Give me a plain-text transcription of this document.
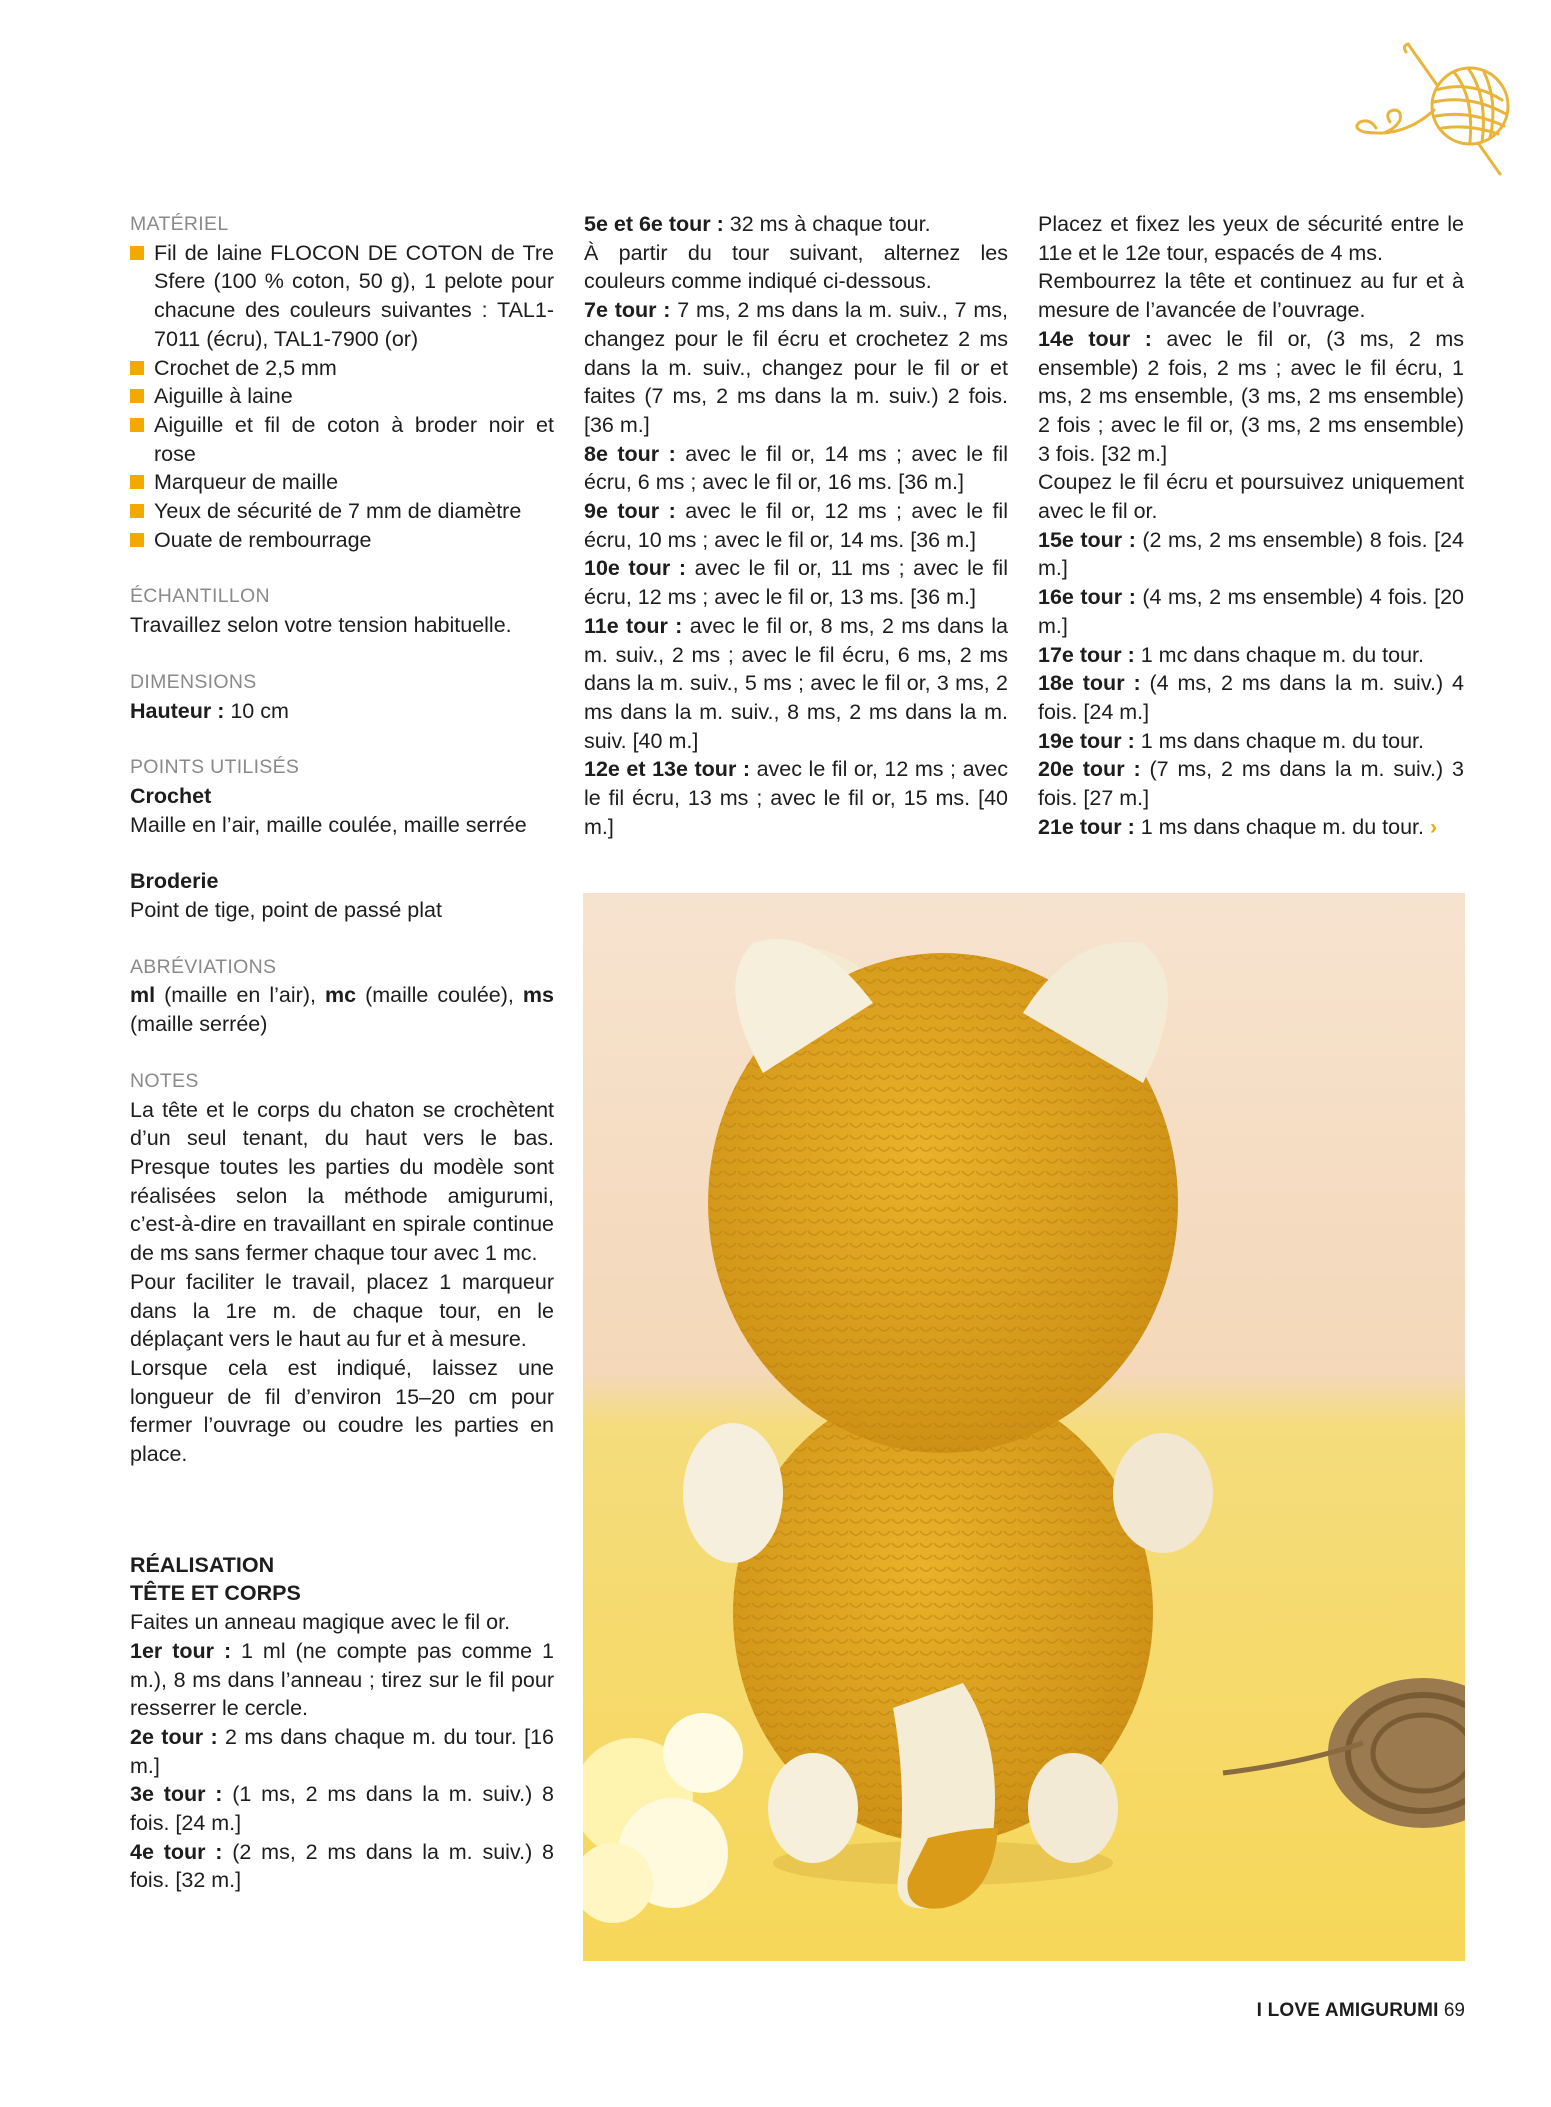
MATÉRIEL
Fil de laine FLOCON DE COTON de Tre Sfere (100 % coton, 50 g), 1 pelote pour chacune des couleurs suivantes : TAL1-7011 (écru), TAL1-7900 (or)
Crochet de 2,5 mm
Aiguille à laine
Aiguille et fil de coton à broder noir et rose
Marqueur de maille
Yeux de sécurité de 7 mm de diamètre
Ouate de rembourrage
ÉCHANTILLON
Travaillez selon votre tension habituelle.
DIMENSIONS
Hauteur : 10 cm
POINTS UTILISÉS
Crochet
Maille en l’air, maille coulée, maille serrée
Broderie
Point de tige, point de passé plat
ABRÉVIATIONS
ml (maille en l’air), mc (maille coulée), ms (maille serrée)
NOTES
La tête et le corps du chaton se crochètent d’un seul tenant, du haut vers le bas. Presque toutes les parties du modèle sont réalisées selon la méthode amigurumi, c’est-à-dire en travaillant en spirale continue de ms sans fermer chaque tour avec 1 mc.
Pour faciliter le travail, placez 1 marqueur dans la 1re m. de chaque tour, en le déplaçant vers le haut au fur et à mesure.
Lorsque cela est indiqué, laissez une longueur de fil d’environ 15–20 cm pour fermer l’ouvrage ou coudre les parties en place.
RÉALISATION
TÊTE ET CORPS
Faites un anneau magique avec le fil or.
1er tour : 1 ml (ne compte pas comme 1 m.), 8 ms dans l’anneau ; tirez sur le fil pour resserrer le cercle.
2e tour : 2 ms dans chaque m. du tour. [16 m.]
3e tour : (1 ms, 2 ms dans la m. suiv.) 8 fois. [24 m.]
4e tour : (2 ms, 2 ms dans la m. suiv.) 8 fois. [32 m.]
5e et 6e tour : 32 ms à chaque tour.
À partir du tour suivant, alternez les couleurs comme indiqué ci-dessous.
7e tour : 7 ms, 2 ms dans la m. suiv., 7 ms, changez pour le fil écru et crochetez 2 ms dans la m. suiv., changez pour le fil or et faites (7 ms, 2 ms dans la m. suiv.) 2 fois. [36 m.]
8e tour : avec le fil or, 14 ms ; avec le fil écru, 6 ms ; avec le fil or, 16 ms. [36 m.]
9e tour : avec le fil or, 12 ms ; avec le fil écru, 10 ms ; avec le fil or, 14 ms. [36 m.]
10e tour : avec le fil or, 11 ms ; avec le fil écru, 12 ms ; avec le fil or, 13 ms. [36 m.]
11e tour : avec le fil or, 8 ms, 2 ms dans la m. suiv., 2 ms ; avec le fil écru, 6 ms, 2 ms dans la m. suiv., 5 ms ; avec le fil or, 3 ms, 2 ms dans la m. suiv., 8 ms, 2 ms dans la m. suiv. [40 m.]
12e et 13e tour : avec le fil or, 12 ms ; avec le fil écru, 13 ms ; avec le fil or, 15 ms. [40 m.]
Placez et fixez les yeux de sécurité entre le 11e et le 12e tour, espacés de 4 ms.
Rembourrez la tête et continuez au fur et à mesure de l’avancée de l’ouvrage.
14e tour : avec le fil or, (3 ms, 2 ms ensemble) 2 fois, 2 ms ; avec le fil écru, 1 ms, 2 ms ensemble, (3 ms, 2 ms ensemble) 2 fois ; avec le fil or, (3 ms, 2 ms ensemble) 3 fois. [32 m.]
Coupez le fil écru et poursuivez uniquement avec le fil or.
15e tour : (2 ms, 2 ms ensemble) 8 fois. [24 m.]
16e tour : (4 ms, 2 ms ensemble) 4 fois. [20 m.]
17e tour : 1 mc dans chaque m. du tour.
18e tour : (4 ms, 2 ms dans la m. suiv.) 4 fois. [24 m.]
19e tour : 1 ms dans chaque m. du tour.
20e tour : (7 ms, 2 ms dans la m. suiv.) 3 fois. [27 m.]
21e tour : 1 ms dans chaque m. du tour. ›
I LOVE AMIGURUMI 69
